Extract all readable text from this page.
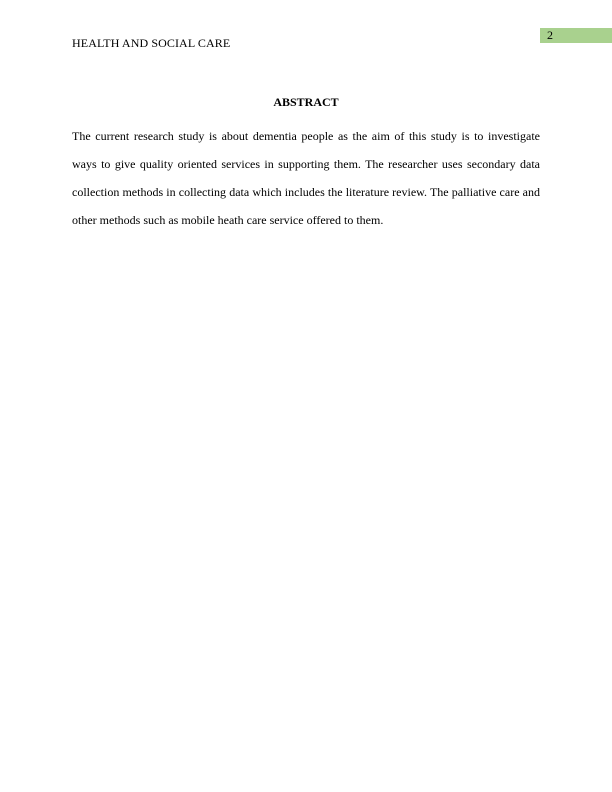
HEALTH AND SOCIAL CARE
2
ABSTRACT

The current research study is about dementia people as the aim of this study is to investigate ways to give quality oriented services in supporting them. The researcher uses secondary data collection methods in collecting data which includes the literature review. The palliative care and other methods such as mobile heath care service offered to them.
